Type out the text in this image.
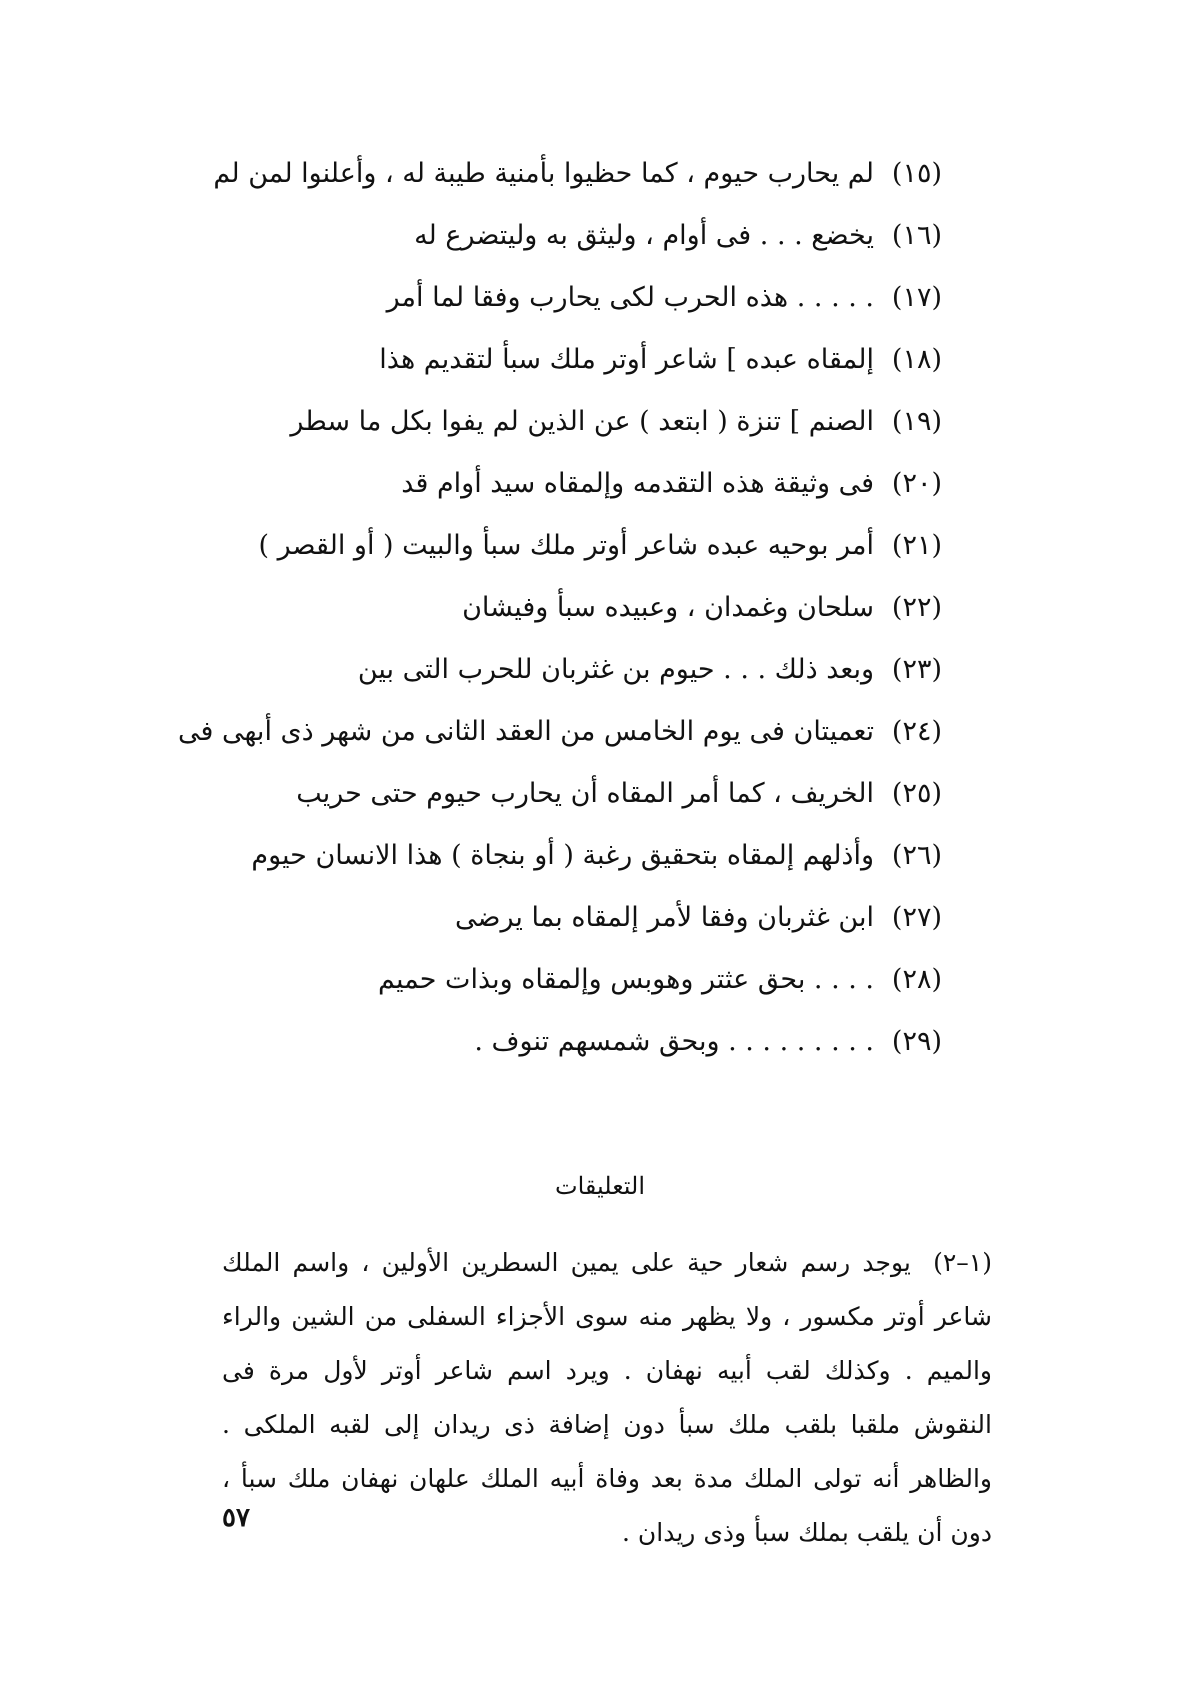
(١٥)
لم يحارب حيوم ، كما حظيوا بأمنية طيبة له ، وأعلنوا لمن لم
(١٦)
يخضع . . . فى أوام ، وليثق به وليتضرع له
(١٧)
. . . . . هذه الحرب لكى يحارب وفقا لما أمر
(١٨)
إلمقاه عبده ] شاعر أوتر ملك سبأ لتقديم هذا
(١٩)
الصنم ] تنزة ( ابتعد ) عن الذين لم يفوا بكل ما سطر
(٢٠)
فى وثيقة هذه التقدمه وإلمقاه سيد أوام قد
(٢١)
أمر بوحيه عبده شاعر أوتر ملك سبأ والبيت ( أو القصر )
(٢٢)
سلحان وغمدان ، وعبيده سبأ وفيشان
(٢٣)
وبعد ذلك . . . حيوم بن غثربان للحرب التى بين
(٢٤)
تعميتان فى يوم الخامس من العقد الثانى من شهر ذى أبهى فى
(٢٥)
الخريف ، كما أمر المقاه أن يحارب حيوم حتى حريب
(٢٦)
وأذلهم إلمقاه بتحقيق رغبة ( أو بنجاة ) هذا الانسان حيوم
(٢٧)
ابن غثربان وفقا لأمر إلمقاه بما يرضى
(٢٨)
. . . . بحق عثتر وهوبس وإلمقاه وبذات حميم
(٢٩)
. . . . . . . . . وبحق شمسهم تنوف .
التعليقات
(١–٢) يوجد رسم شعار حية على يمين السطرين الأولين ، واسم الملك شاعر أوتر مكسور ، ولا يظهر منه سوى الأجزاء السفلى من الشين والراء والميم . وكذلك لقب أبيه نهفان . ويرد اسم شاعر أوتر لأول مرة فى النقوش ملقبا بلقب ملك سبأ دون إضافة ذى ريدان إلى لقبه الملكى . والظاهر أنه تولى الملك مدة بعد وفاة أبيه الملك علهان نهفان ملك سبأ ، دون أن يلقب بملك سبأ وذى ريدان .
٥٧
